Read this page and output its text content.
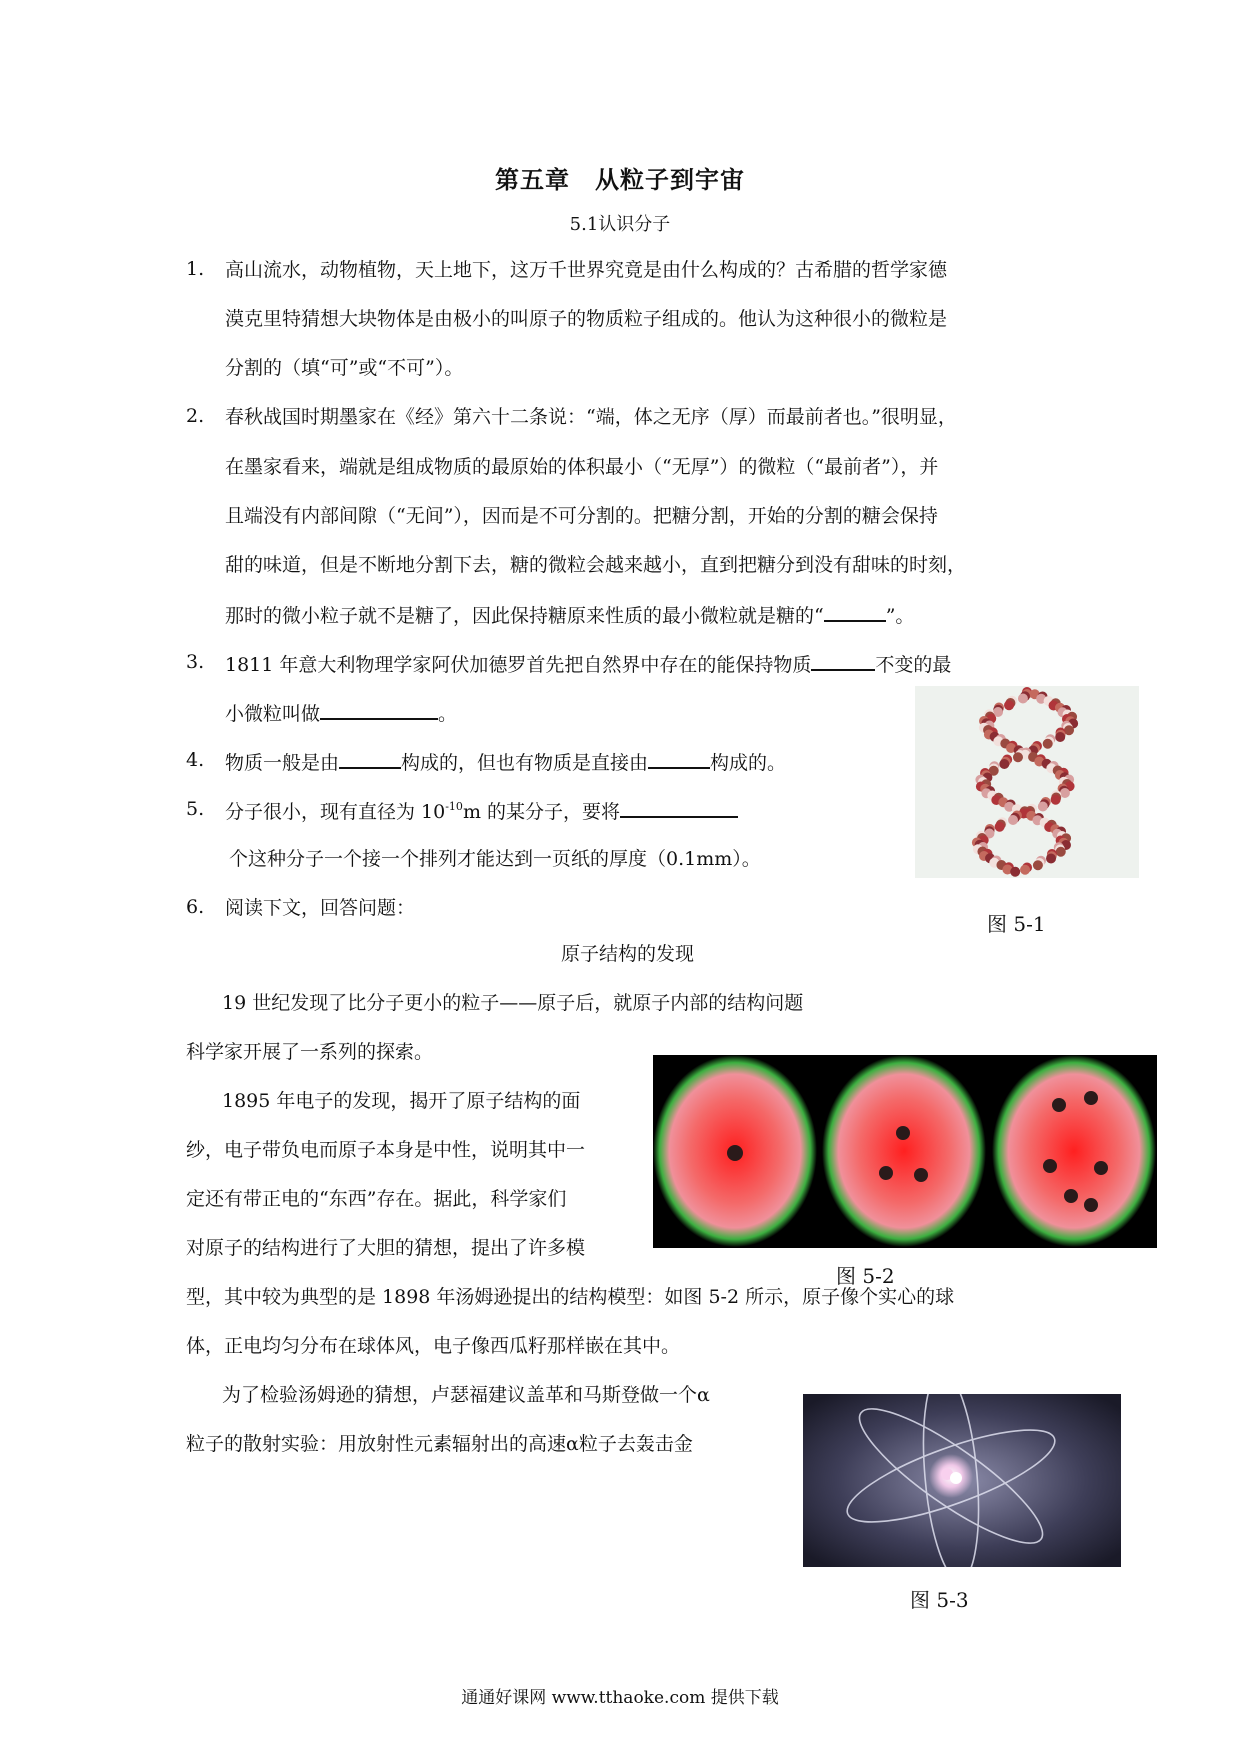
第五章　从粒子到宇宙
5.1认识分子
1. 高山流水，动物植物，天上地下，这万千世界究竟是由什么构成的？古希腊的哲学家德
漠克里特猜想大块物体是由极小的叫原子的物质粒子组成的。他认为这种很小的微粒是
分割的（填“可”或“不可”）。
2. 春秋战国时期墨家在《经》第六十二条说：“端，体之无序（厚）而最前者也。”很明显，
在墨家看来，端就是组成物质的最原始的体积最小（“无厚”）的微粒（“最前者”），并
且端没有内部间隙（“无间”），因而是不可分割的。把糖分割，开始的分割的糖会保持
甜的味道，但是不断地分割下去，糖的微粒会越来越小，直到把糖分到没有甜味的时刻，
那时的微小粒子就不是糖了，因此保持糖原来性质的最小微粒就是糖的“	”。
3. 1811 年意大利物理学家阿伏加德罗首先把自然界中存在的能保持物质	不变的最
小微粒叫做	。
4. 物质一般是由	构成的，但也有物质是直接由	构成的。
5. 分子很小，现有直径为 $10^{-10}m$ 的某分子，要将
个这种分子一个接一个排列才能达到一页纸的厚度（0.1mm）。
6. 阅读下文，回答问题：
图 5-1
原子结构的发现
19 世纪发现了比分子更小的粒子——原子后，就原子内部的结构问题
科学家开展了一系列的探索。
1895 年电子的发现，揭开了原子结构的面
纱，电子带负电而原子本身是中性，说明其中一
定还有带正电的“东西”存在。据此，科学家们
对原子的结构进行了大胆的猜想，提出了许多模
图 5-2
型，其中较为典型的是 1898 年汤姆逊提出的结构模型：如图 5-2 所示，原子像个实心的球
体，正电均匀分布在球体风，电子像西瓜籽那样嵌在其中。
为了检验汤姆逊的猜想，卢瑟福建议盖革和马斯登做一个α
粒子的散射实验：用放射性元素辐射出的高速α粒子去轰击金
图 5-3
通通好课网 www.tthaoke.com 提供下载
